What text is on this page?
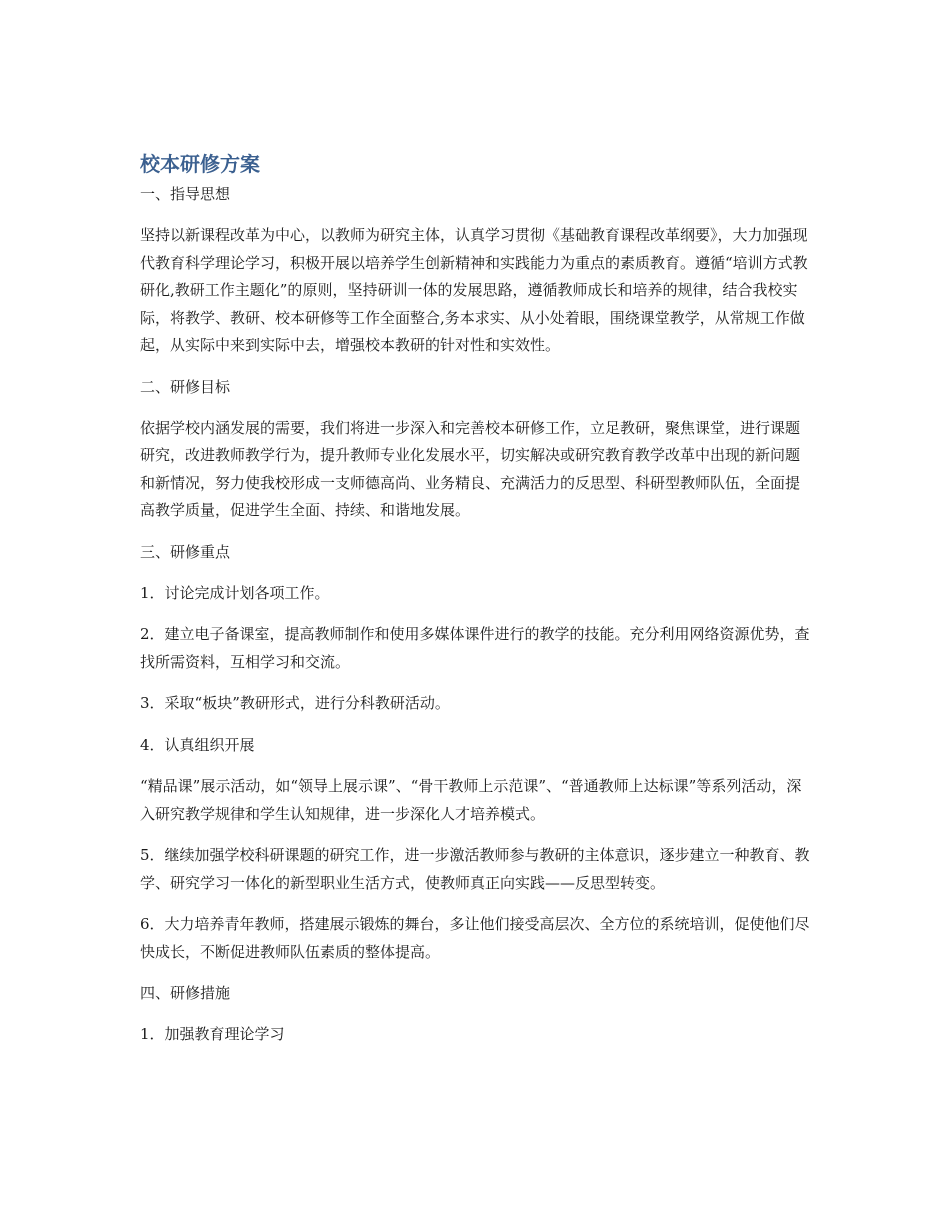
校本研修方案
一、指导思想
坚持以新课程改革为中心，以教师为研究主体，认真学习贯彻《基础教育课程改革纲要》，大力加强现代教育科学理论学习，积极开展以培养学生创新精神和实践能力为重点的素质教育。遵循“培训方式教研化,教研工作主题化”的原则，坚持研训一体的发展思路，遵循教师成长和培养的规律，结合我校实际，将教学、教研、校本研修等工作全面整合,务本求实、从小处着眼，围绕课堂教学，从常规工作做起，从实际中来到实际中去，增强校本教研的针对性和实效性。
二、研修目标
依据学校内涵发展的需要，我们将进一步深入和完善校本研修工作，立足教研，聚焦课堂，进行课题研究，改进教师教学行为，提升教师专业化发展水平，切实解决或研究教育教学改革中出现的新问题和新情况，努力使我校形成一支师德高尚、业务精良、充满活力的反思型、科研型教师队伍，全面提高教学质量，促进学生全面、持续、和谐地发展。
三、研修重点
1．讨论完成计划各项工作。
2．建立电子备课室，提高教师制作和使用多媒体课件进行的教学的技能。充分利用网络资源优势，查找所需资料，互相学习和交流。
3．采取“板块”教研形式，进行分科教研活动。
4．认真组织开展
“精品课”展示活动，如“领导上展示课”、“骨干教师上示范课”、“普通教师上达标课”等系列活动，深入研究教学规律和学生认知规律，进一步深化人才培养模式。
5．继续加强学校科研课题的研究工作，进一步激活教师参与教研的主体意识，逐步建立一种教育、教学、研究学习一体化的新型职业生活方式，使教师真正向实践——反思型转变。
6．大力培养青年教师，搭建展示锻炼的舞台，多让他们接受高层次、全方位的系统培训，促使他们尽快成长，不断促进教师队伍素质的整体提高。
四、研修措施
1．加强教育理论学习
